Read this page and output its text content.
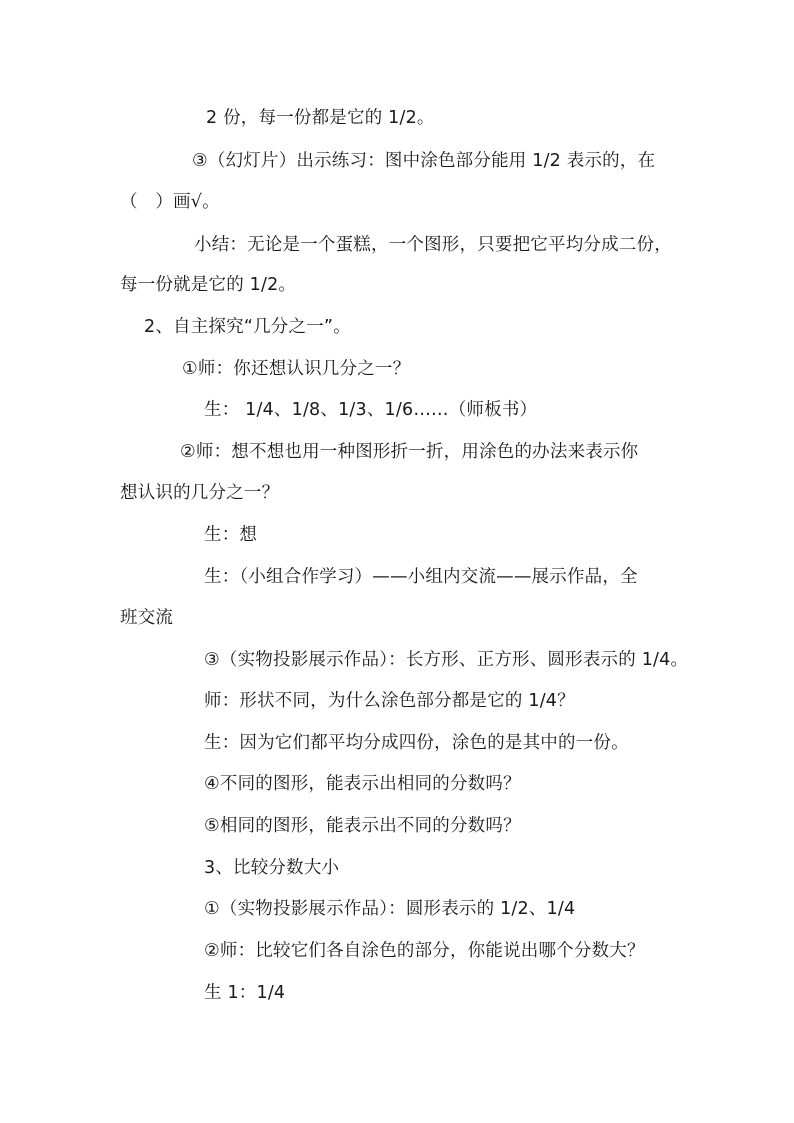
2 份，每一份都是它的 1/2。
③（幻灯片）出示练习：图中涂色部分能用 1/2 表示的，在
（　）画√。
小结：无论是一个蛋糕，一个图形，只要把它平均分成二份，
每一份就是它的 1/2。
2、自主探究“几分之一”。
①师：你还想认识几分之一？
生： 1/4、1/8、1/3、1/6……（师板书）
②师：想不想也用一种图形折一折，用涂色的办法来表示你
想认识的几分之一？
生：想
生：（小组合作学习）——小组内交流——展示作品，全
班交流
③（实物投影展示作品）：长方形、正方形、圆形表示的 1/4。
师：形状不同，为什么涂色部分都是它的 1/4？
生：因为它们都平均分成四份，涂色的是其中的一份。
④不同的图形，能表示出相同的分数吗？
⑤相同的图形，能表示出不同的分数吗？
3、比较分数大小
①（实物投影展示作品）：圆形表示的 1/2、1/4
②师：比较它们各自涂色的部分，你能说出哪个分数大？
生 1：1/4
